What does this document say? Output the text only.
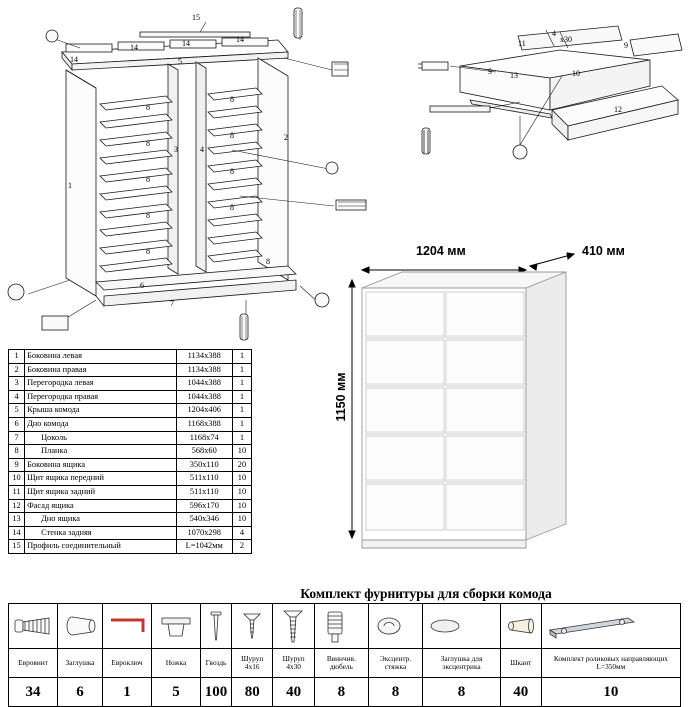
15
14
14	14	14
5
1
2
3	4
6
7
8
8
8
8
8
8
8
8
8
8
11
4
х30
9
9 13	10
12
1204 мм	410 мм
1150 мм
1	Боковина левая	1134х388	1
2	Боковина правая	1134х388	1
3	Перегородка левая	1044х388	1
4	Перегородка правая	1044х388	1
5	Крыша комода	1204х406	1
6	Дно комода	1168х388	1
7	Цоколь	1168х74	1
8	Планка	568х60	10
9	Боковина ящика	350х110	20
10	Щит ящика передний	511х110	10
11	Щит ящика задний	511х110	10
12	Фасад ящика	596х170	10
13	Дно ящика	540х346	10
14	Стенка задняя	1070х298	4
15	Профиль соединительный	L=1042мм	2
Комплект фурнитуры для сборки комода

Евровинт	Заглушка	Евроключ	Ножка	Гвоздь	Шуруп 4х16	Шуруп 4х30	Ввинчив. дюбель	Эксцентр. стяжка	Заглушка для эксцентрика	Шкант	Комплект роликовых направляющих L=350мм
34	6	1	5	100	80	40	8	8	8	40	10
